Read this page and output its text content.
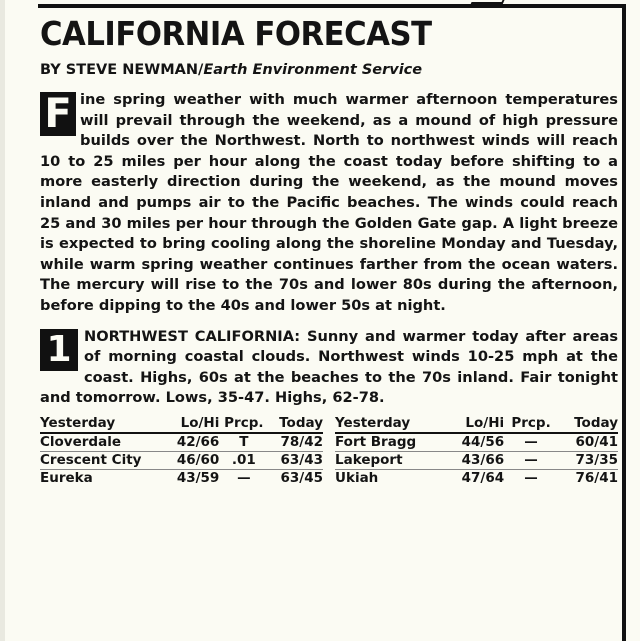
CALIFORNIA FORECAST
BY STEVE NEWMAN/Earth Environment Service
F ine spring weather with much warmer afternoon temperatures will prevail through the weekend, as a mound of high pressure builds over the Northwest. North to northwest winds will reach 10 to 25 miles per hour along the coast today before shifting to a more easterly direction during the weekend, as the mound moves inland and pumps air to the Pacific beaches. The winds could reach 25 and 30 miles per hour through the Golden Gate gap. A light breeze is expected to bring cooling along the shoreline Monday and Tuesday, while warm spring weather continues farther from the ocean waters. The mercury will rise to the 70s and lower 80s during the afternoon, before dipping to the 40s and lower 50s at night.
1 NORTHWEST CALIFORNIA: Sunny and warmer today after areas of morning coastal clouds. Northwest winds 10-25 mph at the coast. Highs, 60s at the beaches to the 70s inland. Fair tonight and tomorrow. Lows, 35-47. Highs, 62-78.
Yesterday	Lo/Hi	Prcp.	Today
Cloverdale	42/66	T	78/42
Crescent City	46/60	.01	63/43
Eureka	43/59	—	63/45
Yesterday	Lo/Hi	Prcp.	Today
Fort Bragg	44/56	—	60/41
Lakeport	43/66	—	73/35
Ukiah	47/64	—	76/41
